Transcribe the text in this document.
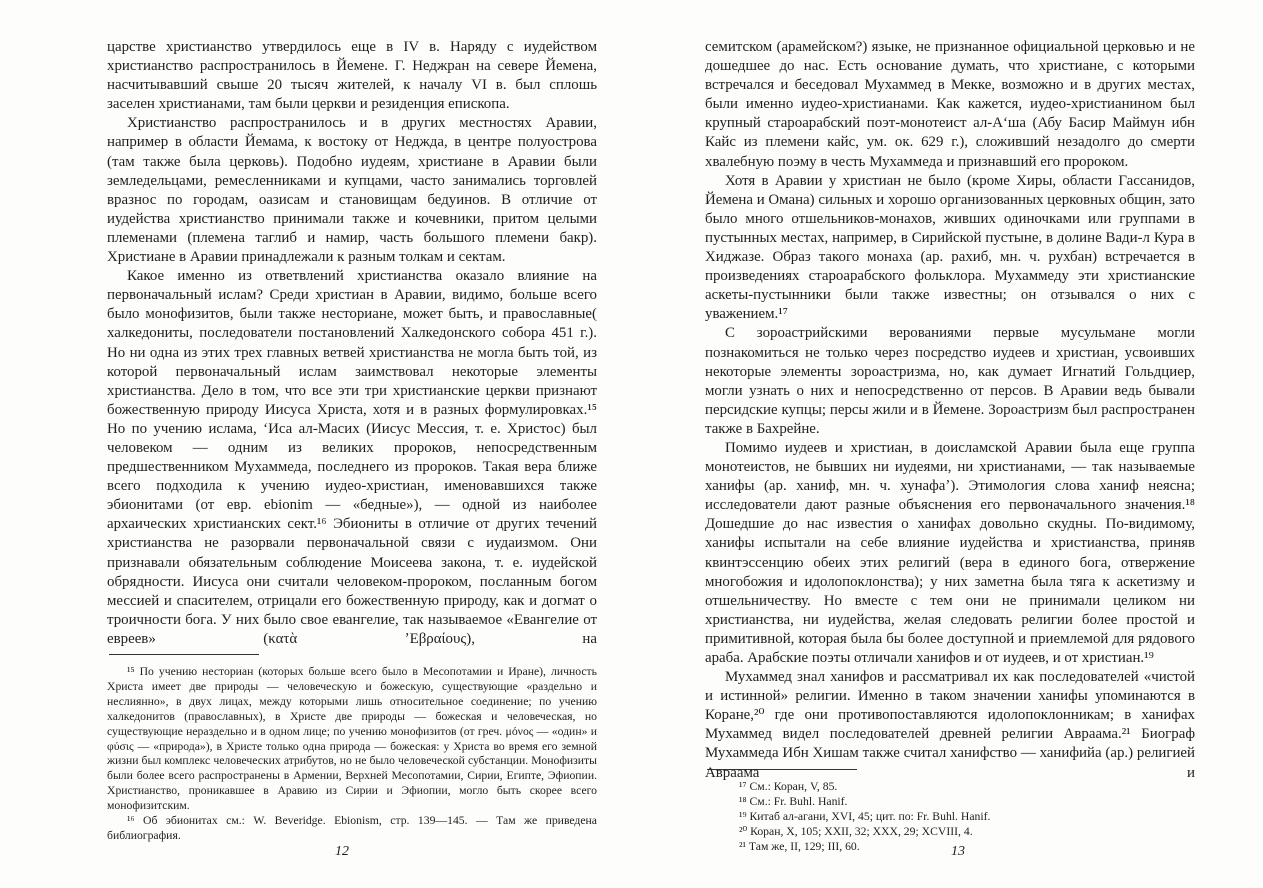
царстве христианство утвердилось еще в IV в. Наряду с иудейством христианство распространилось в Йемене. Г. Неджран на севере Йемена, насчитывавший свыше 20 тысяч жителей, к началу VI в. был сплошь заселен христианами, там были церкви и резиденция епископа.

Христианство распространилось и в других местностях Аравии, например в области Йемама, к востоку от Неджда, в центре полуострова (там также была церковь). Подобно иудеям, христиане в Аравии были земледельцами, ремесленниками и купцами, часто занимались торговлей вразнос по городам, оазисам и становищам бедуинов. В отличие от иудейства христианство принимали также и кочевники, притом целыми племенами (племена таглиб и намир, часть большого племени бакр). Христиане в Аравии принадлежали к разным толкам и сектам.

Какое именно из ответвлений христианства оказало влияние на первоначальный ислам? Среди христиан в Аравии, видимо, больше всего было монофизитов, были также несториане, может быть, и православные( халкедониты, последователи постановлений Халкедонского собора 451 г.). Но ни одна из этих трех главных ветвей христианства не могла быть той, из которой первоначальный ислам заимствовал некоторые элементы христианства. Дело в том, что все эти три христианские церкви признают божественную природу Иисуса Христа, хотя и в разных формулировках.¹⁵ Но по учению ислама, ʻИса ал-Масих (Иисус Мессия, т. е. Христос) был человеком — одним из великих пророков, непосредственным предшественником Мухаммеда, последнего из пророков. Такая вера ближе всего подходила к учению иудео-христиан, именовавшихся также эбионитами (от евр. ebionim — «бедные»), — одной из наиболее архаических христианских сект.¹⁶ Эбиониты в отличие от других течений христианства не разорвали первоначальной связи с иудаизмом. Они признавали обязательным соблюдение Моисеева закона, т. е. иудейской обрядности. Иисуса они считали человеком-пророком, посланным богом мессией и спасителем, отрицали его божественную природу, как и догмат о троичности бога. У них было свое евангелие, так называемое «Евангелие от евреев» (κατὰ ʼΕβραίους), на

¹⁵ По учению несториан (которых больше всего было в Месопотамии и Иране), личность Христа имеет две природы — человеческую и божескую, существующие «раздельно и неслиянно», в двух лицах, между которыми лишь относительное соединение; по учению халкедонитов (православных), в Христе две природы — божеская и человеческая, но существующие нераздельно и в одном лице; по учению монофизитов (от греч. μόνος — «один» и φύσις — «природа»), в Христе только одна природа — божеская: у Христа во время его земной жизни был комплекс человеческих атрибутов, но не было человеческой субстанции. Монофизиты были более всего распространены в Армении, Верхней Месопотамии, Сирии, Египте, Эфиопии. Христианство, проникавшее в Аравию из Сирии и Эфиопии, могло быть скорее всего монофизитским.

¹⁶ Об эбионитах см.: W. Beveridge. Ebionism, стр. 139—145. — Там же приведена библиография.

12

семитском (арамейском?) языке, не признанное официальной церковью и не дошедшее до нас. Есть основание думать, что христиане, с которыми встречался и беседовал Мухаммед в Мекке, возможно и в других местах, были именно иудео-христианами. Как кажется, иудео-христианином был крупный староарабский поэт-монотеист ал-Аʻша (Абу Басир Маймун ибн Кайс из племени кайс, ум. ок. 629 г.), сложивший незадолго до смерти хвалебную поэму в честь Мухаммеда и признавший его пророком.

Хотя в Аравии у христиан не было (кроме Хиры, области Гассанидов, Йемена и Омана) сильных и хорошо организованных церковных общин, зато было много отшельников-монахов, живших одиночками или группами в пустынных местах, например, в Сирийской пустыне, в долине Вади-л Кура в Хиджазе. Образ такого монаха (ар. рахиб, мн. ч. рухбан) встречается в произведениях староарабского фольклора. Мухаммеду эти христианские аскеты-пустынники были также известны; он отзывался о них с уважением.¹⁷

С зороастрийскими верованиями первые мусульмане могли познакомиться не только через посредство иудеев и христиан, усвоивших некоторые элементы зороастризма, но, как думает Игнатий Гольдциер, могли узнать о них и непосредственно от персов. В Аравии ведь бывали персидские купцы; персы жили и в Йемене. Зороастризм был распространен также в Бахрейне.

Помимо иудеев и христиан, в доисламской Аравии была еще группа монотеистов, не бывших ни иудеями, ни христианами, — так называемые ханифы (ар. ханиф, мн. ч. хунафаʼ). Этимология слова ханиф неясна; исследователи дают разные объяснения его первоначального значения.¹⁸ Дошедшие до нас известия о ханифах довольно скудны. По-видимому, ханифы испытали на себе влияние иудейства и христианства, приняв квинтэссенцию обеих этих религий (вера в единого бога, отвержение многобожия и идолопоклонства); у них заметна была тяга к аскетизму и отшельничеству. Но вместе с тем они не принимали целиком ни христианства, ни иудейства, желая следовать религии более простой и примитивной, которая была бы более доступной и приемлемой для рядового араба. Арабские поэты отличали ханифов и от иудеев, и от христиан.¹⁹

Мухаммед знал ханифов и рассматривал их как последователей «чистой и истинной» религии. Именно в таком значении ханифы упоминаются в Коране,²⁰ где они противопоставляются идолопоклонникам; в ханифах Мухаммед видел последователей древней религии Авраама.²¹ Биограф Мухаммеда Ибн Хишам также считал ханифство — ханифийа (ар.) религией Авраама и

¹⁷ См.: Коран, V, 85.

¹⁸ См.: Fr. Buhl. Hanif.

¹⁹ Китаб ал-агани, XVI, 45; цит. по: Fr. Buhl. Hanif.

²⁰ Коран, X, 105; XXII, 32; XXX, 29; XCVIII, 4.

²¹ Там же, II, 129; III, 60.	13
